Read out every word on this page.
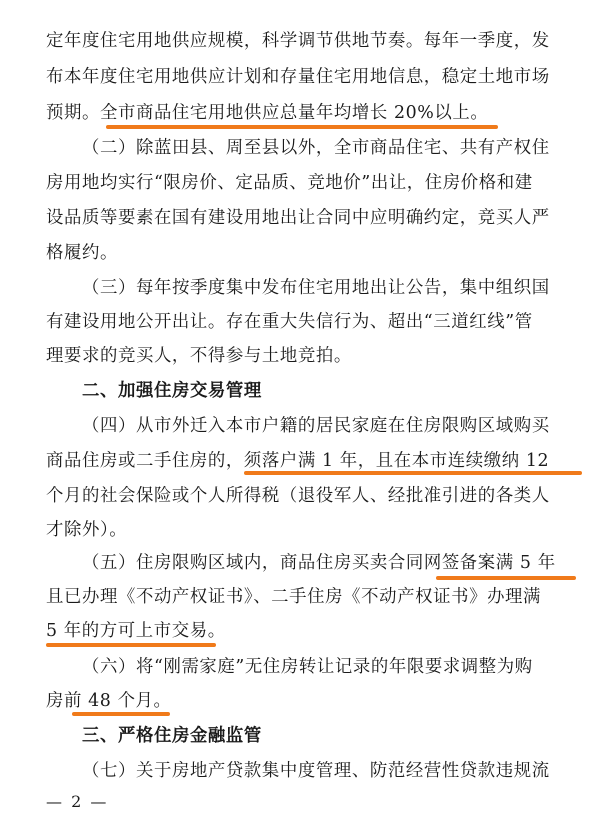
定年度住宅用地供应规模，科学调节供地节奏。每年一季度，发
布本年度住宅用地供应计划和存量住宅用地信息，稳定土地市场
预期。全市商品住宅用地供应总量年均增长 20%以上。
（二）除蓝田县、周至县以外，全市商品住宅、共有产权住
房用地均实行“限房价、定品质、竞地价”出让，住房价格和建
设品质等要素在国有建设用地出让合同中应明确约定，竞买人严
格履约。
（三）每年按季度集中发布住宅用地出让公告，集中组织国
有建设用地公开出让。存在重大失信行为、超出“三道红线”管
理要求的竞买人，不得参与土地竞拍。
二、加强住房交易管理
（四）从市外迁入本市户籍的居民家庭在住房限购区域购买
商品住房或二手住房的，须落户满 1 年，且在本市连续缴纳 12
个月的社会保险或个人所得税（退役军人、经批准引进的各类人
才除外）。
（五）住房限购区域内，商品住房买卖合同网签备案满 5 年
且已办理《不动产权证书》、二手住房《不动产权证书》办理满
5 年的方可上市交易。
（六）将“刚需家庭”无住房转让记录的年限要求调整为购
房前 48 个月。
三、严格住房金融监管
（七）关于房地产贷款集中度管理、防范经营性贷款违规流
— 2 —
